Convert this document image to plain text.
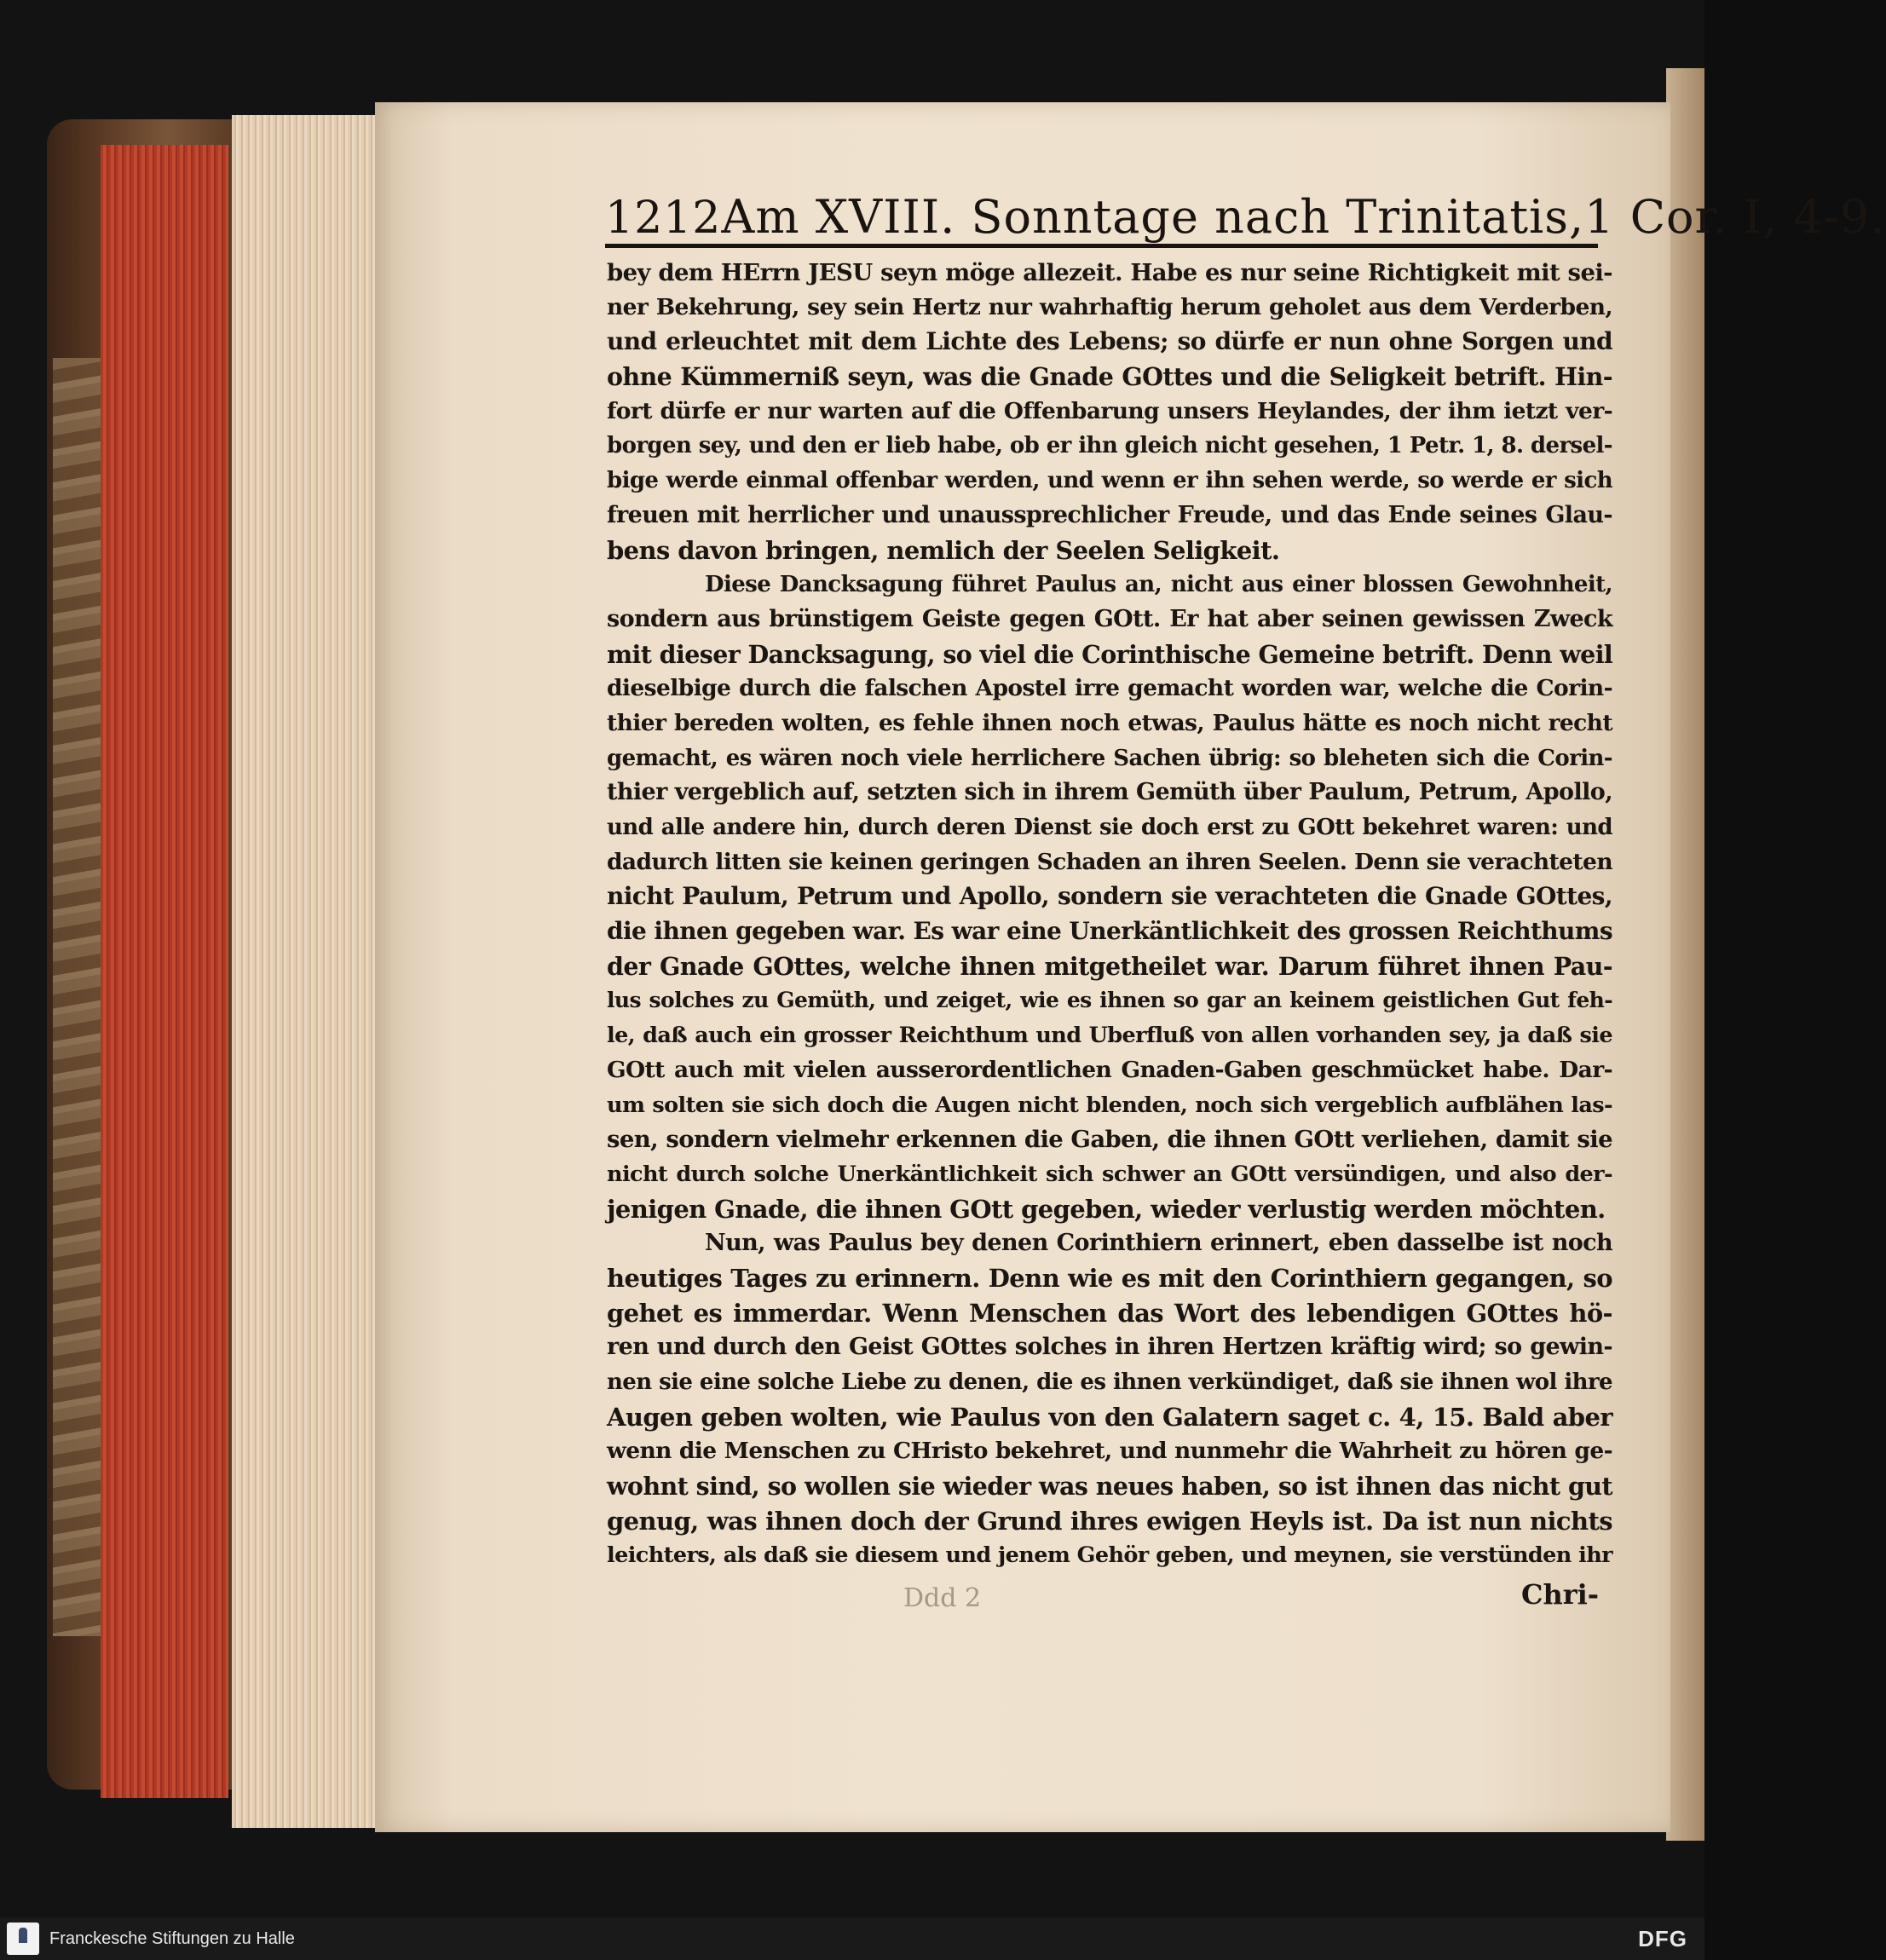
1212 Am XVIII. Sonntage nach Trinitatis, 1 Cor. I, 4-9.
bey dem HErrn JESU seyn möge allezeit. Habe es nur seine Richtigkeit mit sei-
ner Bekehrung, sey sein Hertz nur wahrhaftig herum geholet aus dem Verderben,
und erleuchtet mit dem Lichte des Lebens; so dürfe er nun ohne Sorgen und
ohne Kümmerniß seyn, was die Gnade GOttes und die Seligkeit betrift. Hin-
fort dürfe er nur warten auf die Offenbarung unsers Heylandes, der ihm ietzt ver-
borgen sey, und den er lieb habe, ob er ihn gleich nicht gesehen, 1 Petr. 1, 8. dersel-
bige werde einmal offenbar werden, und wenn er ihn sehen werde, so werde er sich
freuen mit herrlicher und unaussprechlicher Freude, und das Ende seines Glau-
bens davon bringen, nemlich der Seelen Seligkeit.
Diese Dancksagung führet Paulus an, nicht aus einer blossen Gewohnheit,
sondern aus brünstigem Geiste gegen GOtt. Er hat aber seinen gewissen Zweck
mit dieser Dancksagung, so viel die Corinthische Gemeine betrift. Denn weil
dieselbige durch die falschen Apostel irre gemacht worden war, welche die Corin-
thier bereden wolten, es fehle ihnen noch etwas, Paulus hätte es noch nicht recht
gemacht, es wären noch viele herrlichere Sachen übrig: so bleheten sich die Corin-
thier vergeblich auf, setzten sich in ihrem Gemüth über Paulum, Petrum, Apollo,
und alle andere hin, durch deren Dienst sie doch erst zu GOtt bekehret waren: und
dadurch litten sie keinen geringen Schaden an ihren Seelen. Denn sie verachteten
nicht Paulum, Petrum und Apollo, sondern sie verachteten die Gnade GOttes,
die ihnen gegeben war. Es war eine Unerkäntlichkeit des grossen Reichthums
der Gnade GOttes, welche ihnen mitgetheilet war. Darum führet ihnen Pau-
lus solches zu Gemüth, und zeiget, wie es ihnen so gar an keinem geistlichen Gut feh-
le, daß auch ein grosser Reichthum und Uberfluß von allen vorhanden sey, ja daß sie
GOtt auch mit vielen ausserordentlichen Gnaden-Gaben geschmücket habe. Dar-
um solten sie sich doch die Augen nicht blenden, noch sich vergeblich aufblähen las-
sen, sondern vielmehr erkennen die Gaben, die ihnen GOtt verliehen, damit sie
nicht durch solche Unerkäntlichkeit sich schwer an GOtt versündigen, und also der-
jenigen Gnade, die ihnen GOtt gegeben, wieder verlustig werden möchten.
Nun, was Paulus bey denen Corinthiern erinnert, eben dasselbe ist noch
heutiges Tages zu erinnern. Denn wie es mit den Corinthiern gegangen, so
gehet es immerdar. Wenn Menschen das Wort des lebendigen GOttes hö-
ren und durch den Geist GOttes solches in ihren Hertzen kräftig wird; so gewin-
nen sie eine solche Liebe zu denen, die es ihnen verkündiget, daß sie ihnen wol ihre
Augen geben wolten, wie Paulus von den Galatern saget c. 4, 15. Bald aber
wenn die Menschen zu CHristo bekehret, und nunmehr die Wahrheit zu hören ge-
wohnt sind, so wollen sie wieder was neues haben, so ist ihnen das nicht gut
genug, was ihnen doch der Grund ihres ewigen Heyls ist. Da ist nun nichts
leichters, als daß sie diesem und jenem Gehör geben, und meynen, sie verstünden ihr
Ddd 2	Chri-
Franckesche Stiftungen zu Halle	DFG
